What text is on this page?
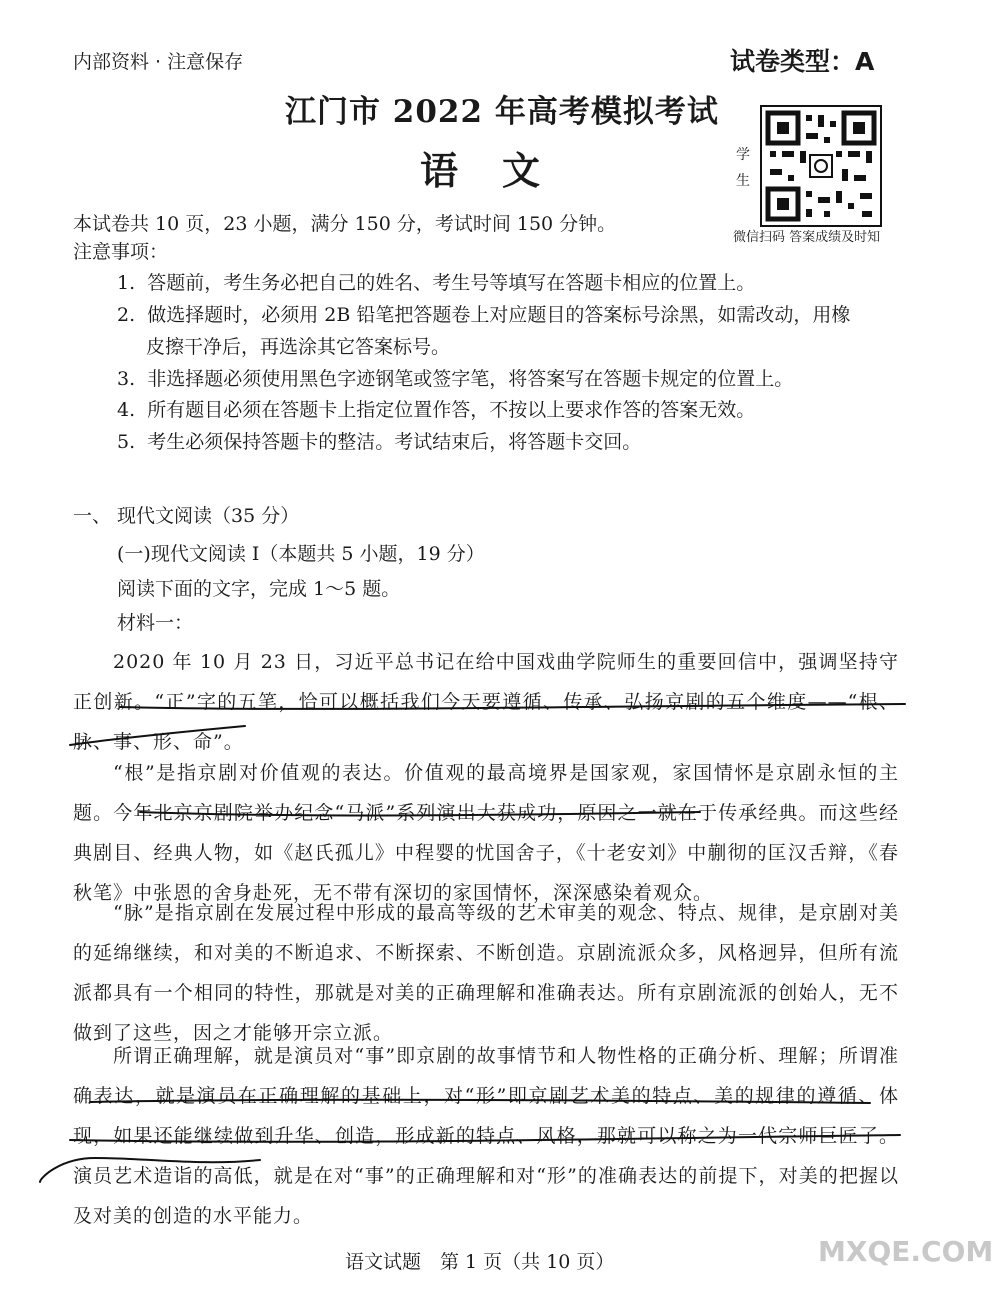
内部资料 · 注意保存	试卷类型：A
江门市 2022 年高考模拟考试
语文	学生
微信扫码 答案成绩及时知
本试卷共 10 页，23 小题，满分 150 分，考试时间 150 分钟。
注意事项：
1. 答题前，考生务必把自己的姓名、考生号等填写在答题卡相应的位置上。
2. 做选择题时，必须用 2B 铅笔把答题卷上对应题目的答案标号涂黑，如需改动，用橡
皮擦干净后，再选涂其它答案标号。
3. 非选择题必须使用黑色字迹钢笔或签字笔，将答案写在答题卡规定的位置上。
4. 所有题目必须在答题卡上指定位置作答，不按以上要求作答的答案无效。
5. 考生必须保持答题卡的整洁。考试结束后，将答题卡交回。
一、 现代文阅读（35 分）
(一)现代文阅读 I（本题共 5 小题，19 分）
阅读下面的文字，完成 1～5 题。
材料一：

2020 年 10 月 23 日，习近平总书记在给中国戏曲学院师生的重要回信中，强调坚持守正创新。“正”字的五笔，恰可以概括我们今天要遵循、传承、弘扬京剧的五个维度——“根、脉、事、形、命”。

“根”是指京剧对价值观的表达。价值观的最高境界是国家观，家国情怀是京剧永恒的主题。今年北京京剧院举办纪念“马派”系列演出大获成功，原因之一就在于传承经典。而这些经典剧目、经典人物，如《赵氏孤儿》中程婴的忧国舍子，《十老安刘》中蒯彻的匡汉舌辩，《春秋笔》中张恩的舍身赴死，无不带有深切的家国情怀，深深感染着观众。

“脉”是指京剧在发展过程中形成的最高等级的艺术审美的观念、特点、规律，是京剧对美的延绵继续，和对美的不断追求、不断探索、不断创造。京剧流派众多，风格迥异，但所有流派都具有一个相同的特性，那就是对美的正确理解和准确表达。所有京剧流派的创始人，无不做到了这些，因之才能够开宗立派。

所谓正确理解，就是演员对“事”即京剧的故事情节和人物性格的正确分析、理解；所谓准确表达，就是演员在正确理解的基础上，对“形”即京剧艺术美的特点、美的规律的遵循、体现，如果还能继续做到升华、创造，形成新的特点、风格，那就可以称之为一代宗师巨匠了。演员艺术造诣的高低，就是在对“事”的正确理解和对“形”的准确表达的前提下，对美的把握以及对美的创造的水平能力。

语文试题　第 1 页（共 10 页）	MXQE.COM
